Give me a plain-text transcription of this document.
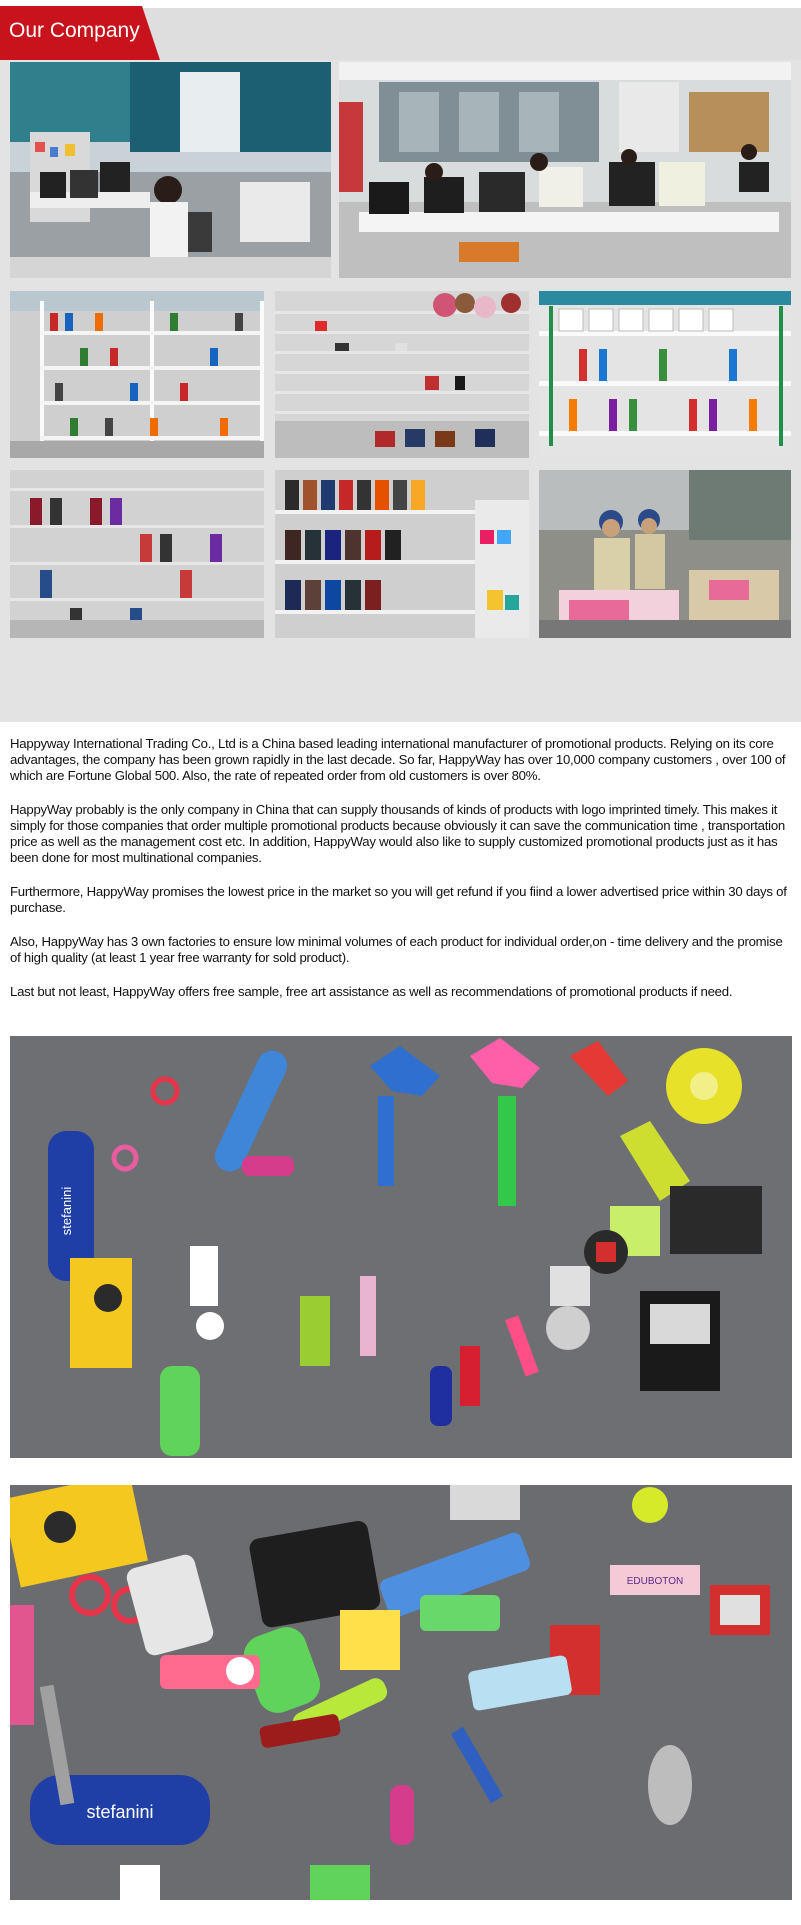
Our Company

Happyway International Trading Co., Ltd is a China based leading international manufacturer of promotional products. Relying on its core advantages, the company has been grown rapidly in the last decade. So far, HappyWay has over 10,000 company customers , over 100 of which are Fortune Global 500. Also, the rate of repeated order from old customers is over 80%.

HappyWay probably is the only company in China that can supply thousands of kinds of products with logo imprinted timely. This makes it simply for those companies that order multiple promotional products because obviously it can save the communication time , transportation price as well as the management cost etc. In addition, HappyWay would also like to supply customized promotional products just as it has been done for most multinational companies.

Furthermore, HappyWay promises the lowest price in the market so you will get refund if you fiind a lower advertised price within 30 days of purchase.

Also, HappyWay has 3 own factories to ensure low minimal volumes of each product for individual order,on - time delivery and the promise of high quality (at least 1 year free warranty for sold product).

Last but not least, HappyWay offers free sample, free art assistance as well as recommendations of promotional products if need.

stefanini
EDUBOTON
stefanini
